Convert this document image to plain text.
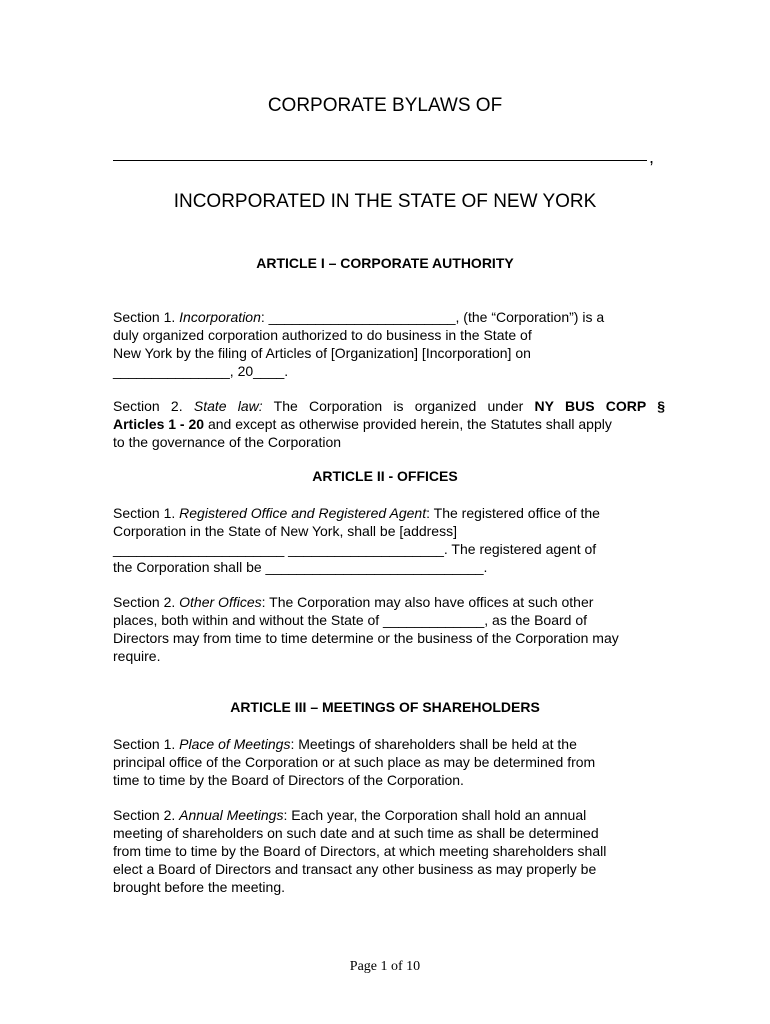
CORPORATE BYLAWS OF
,
INCORPORATED IN THE STATE OF NEW YORK
ARTICLE I – CORPORATE AUTHORITY
Section 1. Incorporation: ________________________, (the “Corporation”) is a
duly organized corporation authorized to do business in the State of
New York by the filing of Articles of [Organization] [Incorporation] on
_______________, 20____.
Section 2. State law: The Corporation is organized under NY BUS CORP §
Articles 1 - 20 and except as otherwise provided herein, the Statutes shall apply
to the governance of the Corporation
ARTICLE II - OFFICES
Section 1. Registered Office and Registered Agent: The registered office of the
Corporation in the State of New York, shall be [address]
______________________ ____________________. The registered agent of
the Corporation shall be ____________________________.
Section 2. Other Offices: The Corporation may also have offices at such other
places, both within and without the State of _____________, as the Board of
Directors may from time to time determine or the business of the Corporation may
require.
ARTICLE III – MEETINGS OF SHAREHOLDERS
Section 1. Place of Meetings: Meetings of shareholders shall be held at the
principal office of the Corporation or at such place as may be determined from
time to time by the Board of Directors of the Corporation.
Section 2. Annual Meetings: Each year, the Corporation shall hold an annual
meeting of shareholders on such date and at such time as shall be determined
from time to time by the Board of Directors, at which meeting shareholders shall
elect a Board of Directors and transact any other business as may properly be
brought before the meeting.
Page 1 of 10
